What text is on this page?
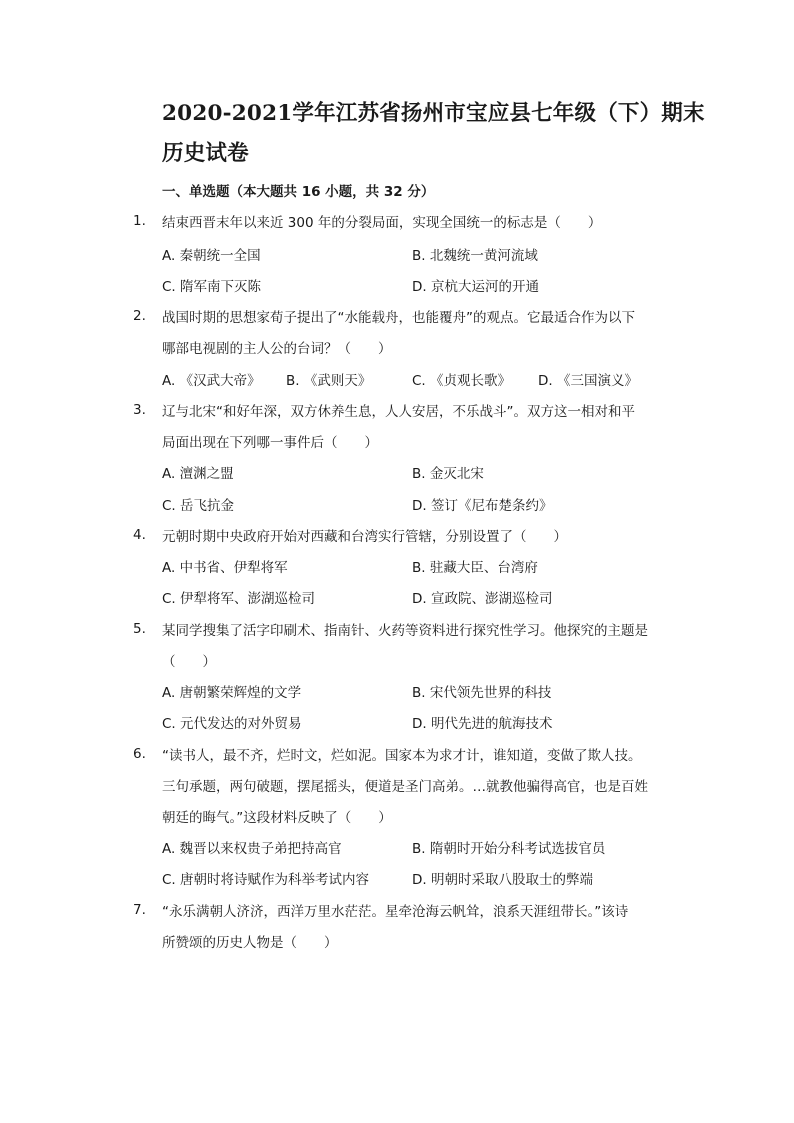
2020-2021学年江苏省扬州市宝应县七年级（下）期末
历史试卷
一、单选题（本大题共 16 小题，共 32 分）
1.	结束西晋末年以来近 300 年的分裂局面，实现全国统一的标志是（　　）
A. 秦朝统一全国	B. 北魏统一黄河流域
C. 隋军南下灭陈	D. 京杭大运河的开通
2.	战国时期的思想家荀子提出了“水能载舟，也能覆舟”的观点。它最适合作为以下
哪部电视剧的主人公的台词？（　　）
A. 《汉武大帝》 B. 《武则天》	C. 《贞观长歌》 D. 《三国演义》
3.	辽与北宋“和好年深，双方休养生息，人人安居，不乐战斗”。双方这一相对和平
局面出现在下列哪一事件后（　　）
A. 澶渊之盟	B. 金灭北宋
C. 岳飞抗金	D. 签订《尼布楚条约》
4.	元朝时期中央政府开始对西藏和台湾实行管辖，分别设置了（　　）
A. 中书省、伊犁将军	B. 驻藏大臣、台湾府
C. 伊犁将军、澎湖巡检司	D. 宣政院、澎湖巡检司
5.	某同学搜集了活字印刷术、指南针、火药等资料进行探究性学习。他探究的主题是
（　　）
A. 唐朝繁荣辉煌的文学	B. 宋代领先世界的科技
C. 元代发达的对外贸易	D. 明代先进的航海技术
6.	“读书人，最不齐，烂时文，烂如泥。国家本为求才计，谁知道，变做了欺人技。
三句承题，两句破题，摆尾摇头，便道是圣门高弟。…就教他骗得高官，也是百姓
朝廷的晦气。”这段材料反映了（　　）
A. 魏晋以来权贵子弟把持高官	B. 隋朝时开始分科考试选拔官员
C. 唐朝时将诗赋作为科举考试内容	D. 明朝时采取八股取士的弊端
7.	“永乐满朝人济济，西洋万里水茫茫。星牵沧海云帆耸，浪系天涯纽带长。”该诗
所赞颂的历史人物是（　　）
